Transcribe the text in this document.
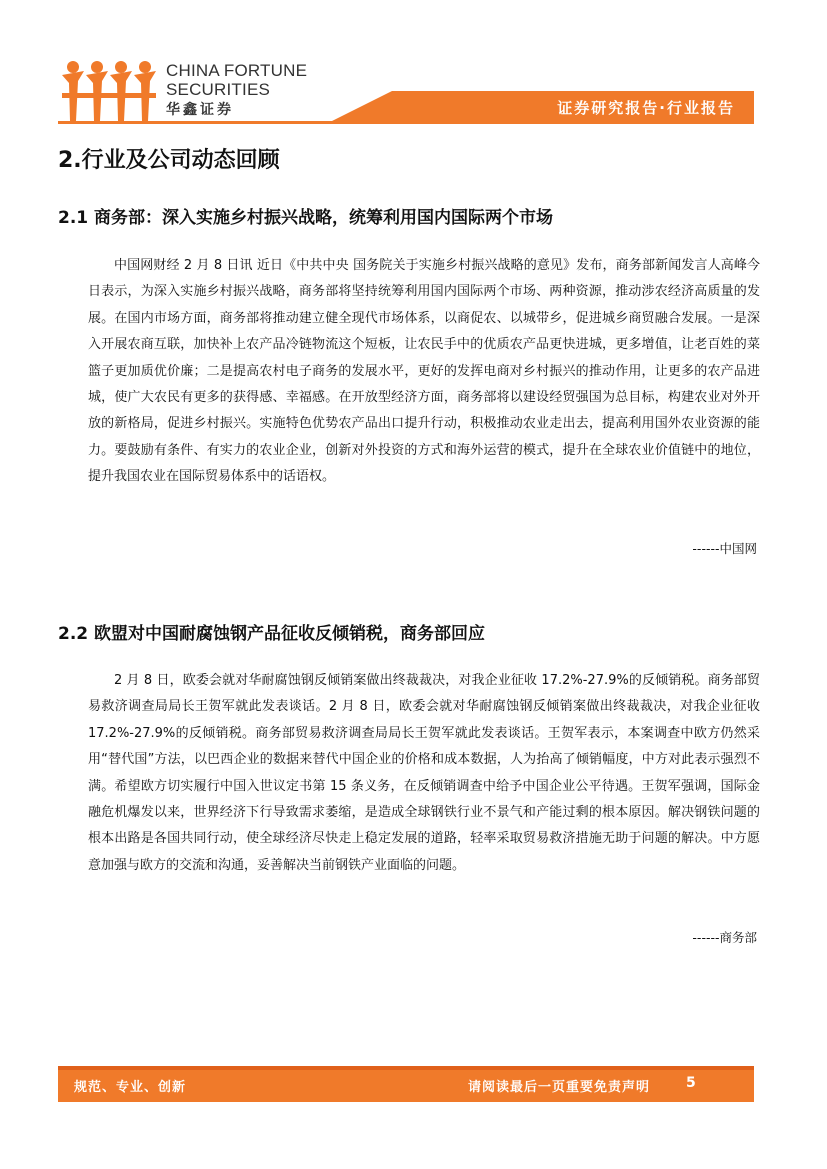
CHINA FORTUNE
SECURITIES
华鑫证券	证券研究报告·行业报告
2.行业及公司动态回顾
2.1 商务部：深入实施乡村振兴战略，统筹利用国内国际两个市场
中国网财经 2 月 8 日讯 近日《中共中央 国务院关于实施乡村振兴战略的意见》发布，商务部新闻发言人高峰今日表示，为深入实施乡村振兴战略，商务部将坚持统筹利用国内国际两个市场、两种资源，推动涉农经济高质量的发展。在国内市场方面，商务部将推动建立健全现代市场体系，以商促农、以城带乡，促进城乡商贸融合发展。一是深入开展农商互联，加快补上农产品冷链物流这个短板，让农民手中的优质农产品更快进城，更多增值，让老百姓的菜篮子更加质优价廉；二是提高农村电子商务的发展水平，更好的发挥电商对乡村振兴的推动作用，让更多的农产品进城，使广大农民有更多的获得感、幸福感。在开放型经济方面，商务部将以建设经贸强国为总目标，构建农业对外开放的新格局，促进乡村振兴。实施特色优势农产品出口提升行动，积极推动农业走出去，提高利用国外农业资源的能力。要鼓励有条件、有实力的农业企业，创新对外投资的方式和海外运营的模式，提升在全球农业价值链中的地位，提升我国农业在国际贸易体系中的话语权。
------中国网
2.2 欧盟对中国耐腐蚀钢产品征收反倾销税，商务部回应
2 月 8 日，欧委会就对华耐腐蚀钢反倾销案做出终裁裁决，对我企业征收 17.2%-27.9%的反倾销税。商务部贸易救济调查局局长王贺军就此发表谈话。2 月 8 日，欧委会就对华耐腐蚀钢反倾销案做出终裁裁决，对我企业征收 17.2%-27.9%的反倾销税。商务部贸易救济调查局局长王贺军就此发表谈话。王贺军表示，本案调查中欧方仍然采用“替代国”方法，以巴西企业的数据来替代中国企业的价格和成本数据，人为抬高了倾销幅度，中方对此表示强烈不满。希望欧方切实履行中国入世议定书第 15 条义务，在反倾销调查中给予中国企业公平待遇。王贺军强调，国际金融危机爆发以来，世界经济下行导致需求萎缩，是造成全球钢铁行业不景气和产能过剩的根本原因。解决钢铁问题的根本出路是各国共同行动，使全球经济尽快走上稳定发展的道路，轻率采取贸易救济措施无助于问题的解决。中方愿意加强与欧方的交流和沟通，妥善解决当前钢铁产业面临的问题。
------商务部
规范、专业、创新	请阅读最后一页重要免责声明	5
